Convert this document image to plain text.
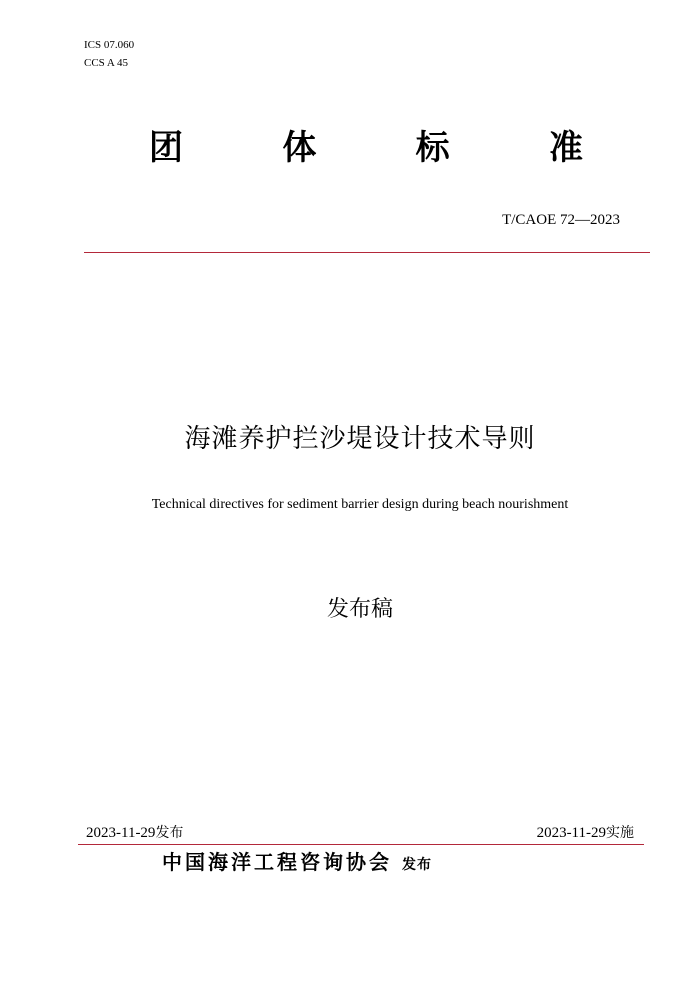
ICS 07.060
CCS A 45
团	体	标	准
T/CAOE 72—2023
海滩养护拦沙堤设计技术导则
Technical directives for sediment barrier design during beach nourishment
发布稿
2023-11-29发布	2023-11-29实施
中国海洋工程咨询协会 发布
